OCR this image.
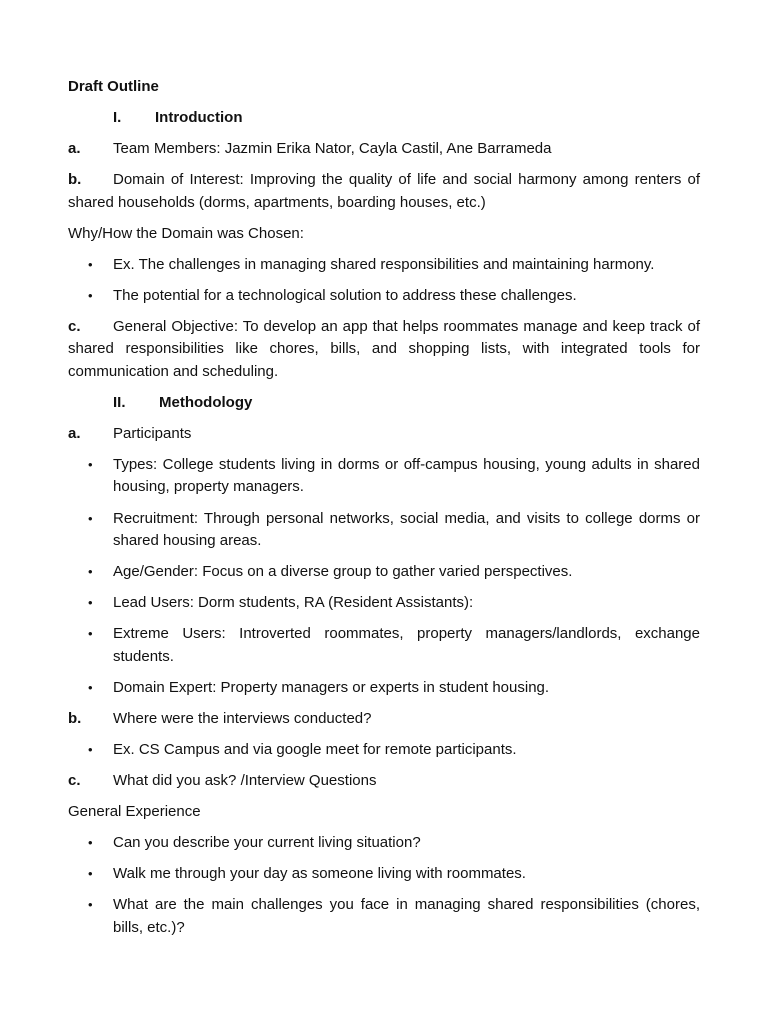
Draft Outline

I. Introduction

a. Team Members: Jazmin Erika Nator, Cayla Castil, Ane Barrameda

b. Domain of Interest: Improving the quality of life and social harmony among renters of

shared households (dorms, apartments, boarding houses, etc.)

Why/How the Domain was Chosen:

• Ex. The challenges in managing shared responsibilities and maintaining harmony.
• The potential for a technological solution to address these challenges.

c. General Objective: To develop an app that helps roommates manage and keep track of

shared responsibilities like chores, bills, and shopping lists, with integrated tools for

communication and scheduling.

II. Methodology

a. Participants

• Types: College students living in dorms or off-campus housing, young adults in shared housing, property managers.
• Recruitment: Through personal networks, social media, and visits to college dorms or shared housing areas.
• Age/Gender: Focus on a diverse group to gather varied perspectives.
• Lead Users: Dorm students, RA (Resident Assistants):
• Extreme Users: Introverted roommates, property managers/landlords, exchange students.
• Domain Expert: Property managers or experts in student housing.

b. Where were the interviews conducted?

• Ex. CS Campus and via google meet for remote participants.

c. What did you ask? /Interview Questions

General Experience

• Can you describe your current living situation?
• Walk me through your day as someone living with roommates.
• What are the main challenges you face in managing shared responsibilities (chores, bills, etc.)?
